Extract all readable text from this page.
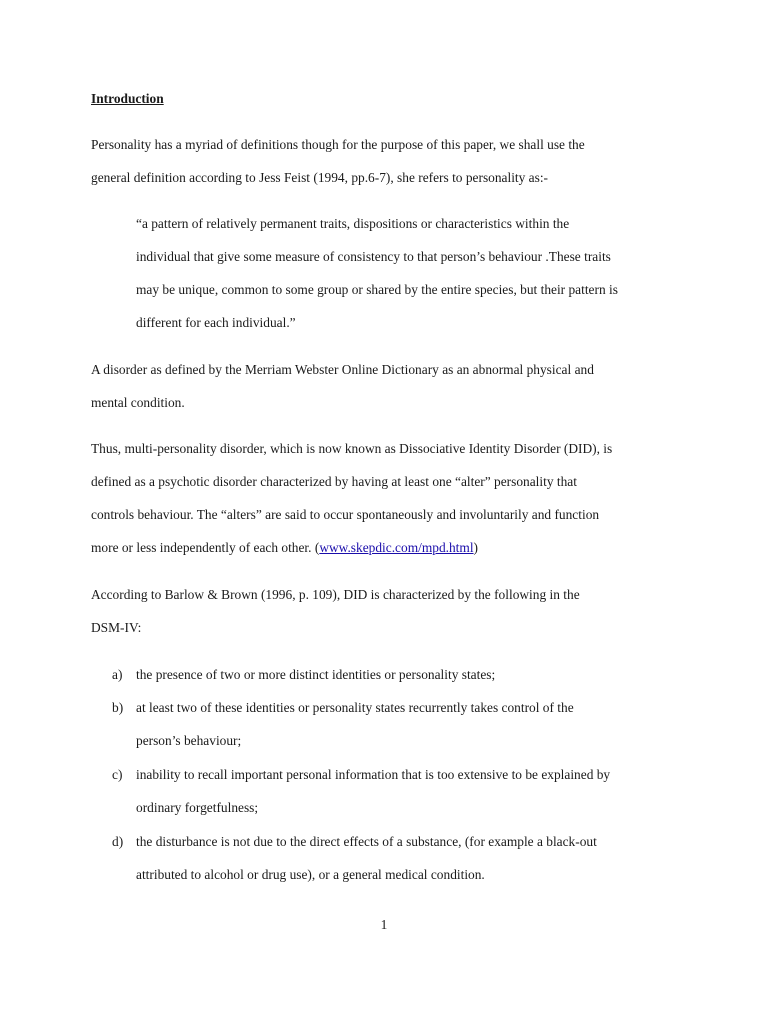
Introduction

Personality has a myriad of definitions though for the purpose of this paper, we shall use the
general definition according to Jess Feist (1994, pp.6-7), she refers to personality as:-

“a pattern of relatively permanent traits, dispositions or characteristics within the
individual that give some measure of consistency to that person’s behaviour .These traits
may be unique, common to some group or shared by the entire species, but their pattern is
different for each individual.”

A disorder as defined by the Merriam Webster Online Dictionary as an abnormal physical and
mental condition.

Thus, multi-personality disorder, which is now known as Dissociative Identity Disorder (DID), is
defined as a psychotic disorder characterized by having at least one “alter” personality that
controls behaviour. The “alters” are said to occur spontaneously and involuntarily and function
more or less independently of each other. (www.skepdic.com/mpd.html)

According to Barlow & Brown (1996, p. 109), DID is characterized by the following in the
DSM-IV:

a) the presence of two or more distinct identities or personality states;
b) at least two of these identities or personality states recurrently takes control of the
person’s behaviour;
c) inability to recall important personal information that is too extensive to be explained by
ordinary forgetfulness;
d) the disturbance is not due to the direct effects of a substance, (for example a black-out
attributed to alcohol or drug use), or a general medical condition.
1
